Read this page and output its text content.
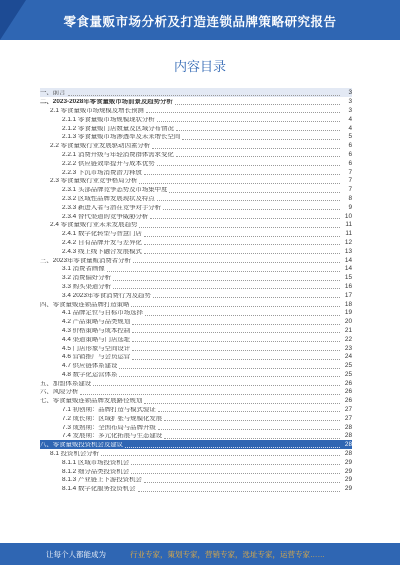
零食量贩市场分析及打造连锁品牌策略研究报告
内容目录
一、前言	3
二、2023-2028年零食量贩市场前景及趋势分析	3
2.1 零食量贩市场规模及增长预测	3
2.1.1 零食量贩市场规模现状分析	4
2.1.2 零食量贩门店数量及区域分布情况	4
2.1.3 零食量贩市场渗透率及未来增长空间	5
2.2 零食量贩行业发展驱动因素分析	6
2.2.1 消费升级与年轻消费群体需求变化	6
2.2.2 供应链效率提升与成本优势	6
2.2.3 下沉市场消费潜力释放	7
2.3 零食量贩行业竞争格局分析	7
2.3.1 头部品牌竞争态势及市场集中度	7
2.3.2 区域性品牌发展现状及特点	8
2.3.3 新进入者与潜在竞争对手分析	9
2.3.4 替代渠道的竞争威胁分析	10
2.4 零食量贩行业未来发展趋势	11
2.4.1 数字化转型与智慧门店	11
2.4.2 自有品牌开发与差异化	12
2.4.3 线上线下融合发展模式	13
三、2023年零食量贩消费者分析	14
3.1 消费者画像	14
3.2 消费偏好分析	15
3.3 购买渠道分析	16
3.4 2023年零食消费行为及趋势	17
四、零食量贩连锁品牌打造策略	18
4.1 品牌定位与目标市场选择	19
4.2 产品策略与品类规划	20
4.3 价格策略与成本控制	21
4.4 渠道策略与门店选址	22
4.5 门店形象与空间设计	23
4.6 营销推广与会员运营	24
4.7 供应链体系建设	25
4.8 数字化运营体系	25
五、加盟体系建设	26
六、风险分析	26
七、零食量贩连锁品牌发展路径规划	26
7.1 初创期：品牌打造与模式验证	27
7.2 成长期：区域扩张与规模化发展	27
7.3 成熟期：全国布局与品牌升级	28
7.4 发展期：多元化拓展与生态建设	28
八、零食量贩投资机会及建议	28
8.1 投资机会分析	28
8.1.1 区域市场投资机会	29
8.1.2 细分品类投资机会	29
8.1.3 产业链上下游投资机会	29
8.1.4 数字化服务投资机会	29
让每个人都能成为	行业专家，策划专家，营销专家，选址专家，运营专家……
